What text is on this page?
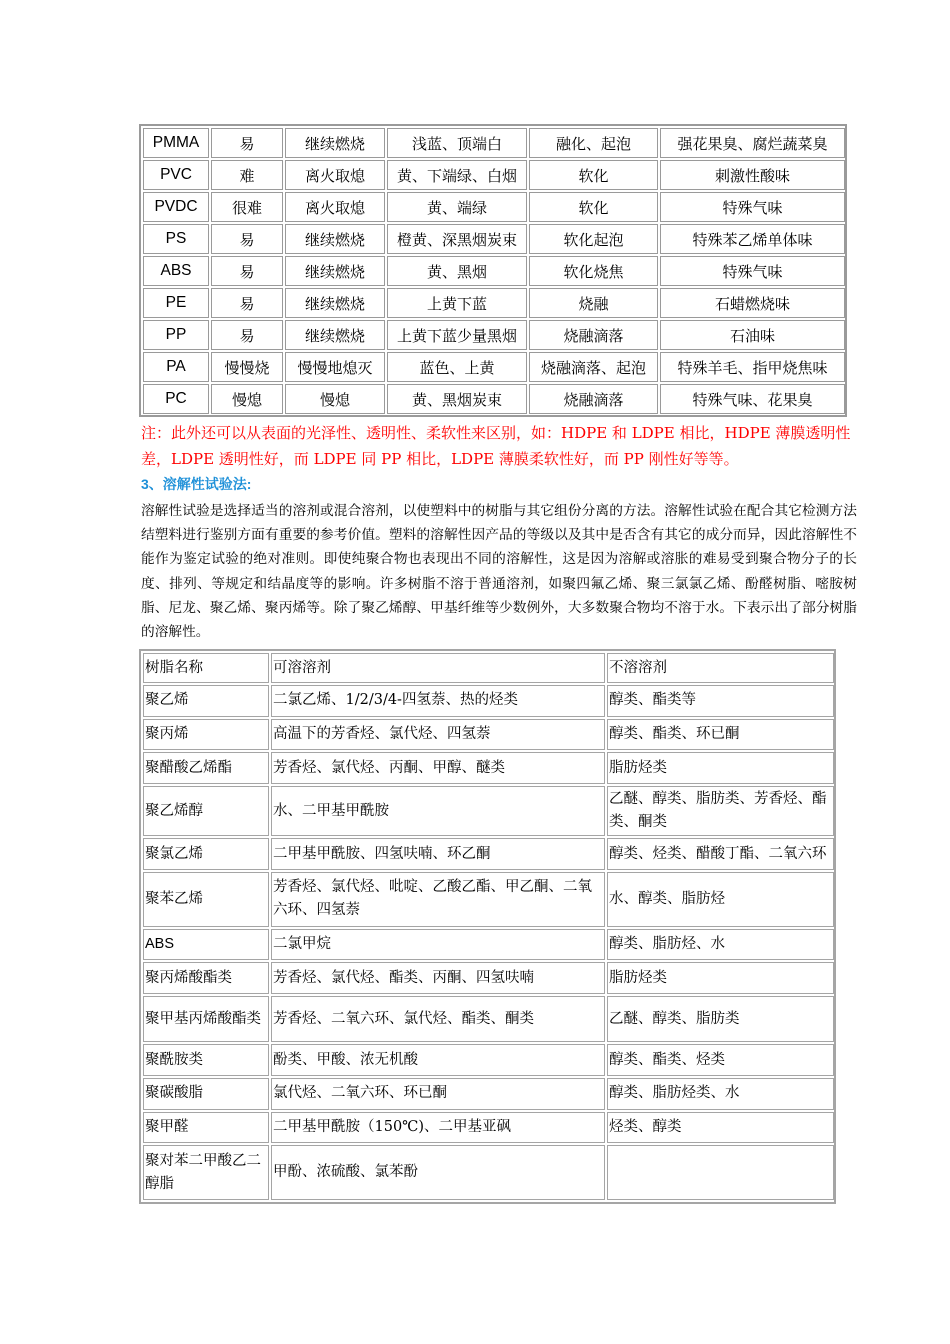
PMMA	易	继续燃烧	浅蓝、顶端白	融化、起泡	强花果臭、腐烂蔬菜臭
PVC	难	离火取熄	黄、下端绿、白烟	软化	刺激性酸味
PVDC	很难	离火取熄	黄、端绿	软化	特殊气味
PS	易	继续燃烧	橙黄、深黑烟炭束	软化起泡	特殊苯乙烯单体味
ABS	易	继续燃烧	黄、黑烟	软化烧焦	特殊气味
PE	易	继续燃烧	上黄下蓝	烧融	石蜡燃烧味
PP	易	继续燃烧	上黄下蓝少量黑烟	烧融滴落	石油味
PA	慢慢烧	慢慢地熄灭	蓝色、上黄	烧融滴落、起泡	特殊羊毛、指甲烧焦味
PC	慢熄	慢熄	黄、黑烟炭束	烧融滴落	特殊气味、花果臭
注：此外还可以从表面的光泽性、透明性、柔软性来区别，如：HDPE 和 LDPE 相比，HDPE 薄膜透明性
差，LDPE 透明性好，而 LDPE 同 PP 相比，LDPE 薄膜柔软性好，而 PP 刚性好等等。
3、溶解性试验法:
溶解性试验是选择适当的溶剂或混合溶剂，以使塑料中的树脂与其它组份分离的方法。溶解性试验在配合其它检测方法结塑料进行鉴别方面有重要的参考价值。塑料的溶解性因产品的等级以及其中是否含有其它的成分而异，因此溶解性不能作为鉴定试验的绝对准则。即使纯聚合物也表现出不同的溶解性，这是因为溶解或溶胀的难易受到聚合物分子的长度、排列、等规定和结晶度等的影响。许多树脂不溶于普通溶剂，如聚四氟乙烯、聚三氯氯乙烯、酚醛树脂、嘧胺树脂、尼龙、聚乙烯、聚丙烯等。除了聚乙烯醇、甲基纤维等少数例外，大多数聚合物均不溶于水。下表示出了部分树脂的溶解性。
树脂名称	可溶溶剂	不溶溶剂
聚乙烯	二氯乙烯、1/2/3/4-四氢萘、热的烃类	醇类、酯类等
聚丙烯	高温下的芳香烃、氯代烃、四氢萘	醇类、酯类、环已酮
聚醋酸乙烯酯	芳香烃、氯代烃、丙酮、甲醇、醚类	脂肪烃类
聚乙烯醇	水、二甲基甲酰胺	乙醚、醇类、脂肪类、芳香烃、酯类、酮类
聚氯乙烯	二甲基甲酰胺、四氢呋喃、环乙酮	醇类、烃类、醋酸丁酯、二氧六环
聚苯乙烯	芳香烃、氯代烃、吡啶、乙酸乙酯、甲乙酮、二氧六环、四氢萘	水、醇类、脂肪烃
ABS	二氯甲烷	醇类、脂肪烃、水
聚丙烯酸酯类	芳香烃、氯代烃、酯类、丙酮、四氢呋喃	脂肪烃类
聚甲基丙烯酸酯类	芳香烃、二氧六环、氯代烃、酯类、酮类	乙醚、醇类、脂肪类
聚酰胺类	酚类、甲酸、浓无机酸	醇类、酯类、烃类
聚碳酸脂	氯代烃、二氧六环、环已酮	醇类、脂肪烃类、水
聚甲醛	二甲基甲酰胺（150℃)、二甲基亚砜	烃类、醇类
聚对苯二甲酸乙二醇脂	甲酚、浓硫酸、氯苯酚	
